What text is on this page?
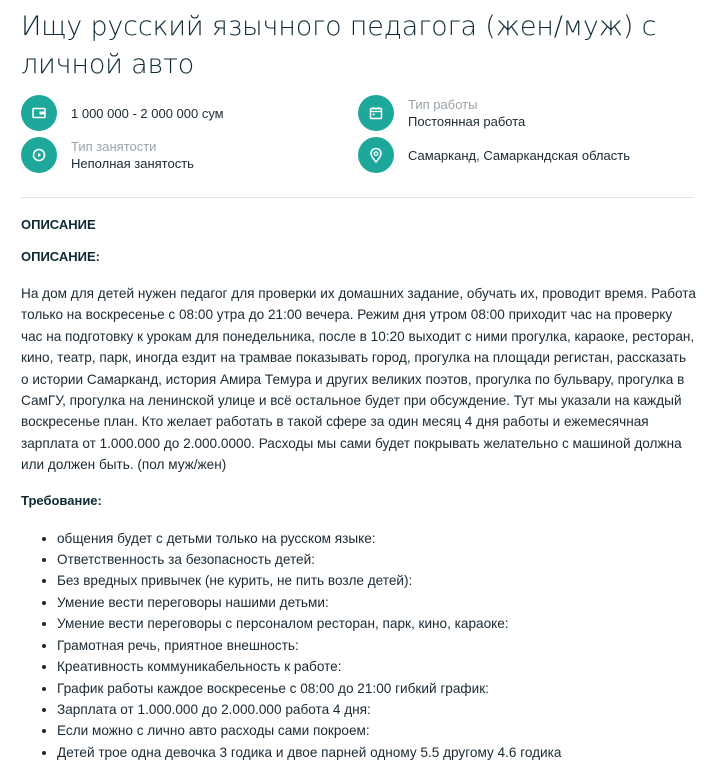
Ищу русский язычного педагога (жен/муж) с личной авто
1 000 000 - 2 000 000 сум
Тип работы
Постоянная работа
Тип занятости
Неполная занятость
Самарканд, Самаркандская область
ОПИСАНИЕ
ОПИСАНИЕ:

На дом для детей нужен педагог для проверки их домашних задание, обучать их, проводит время. Работа только на воскресенье с 08:00 утра до 21:00 вечера. Режим дня утром 08:00 приходит час на проверку час на подготовку к урокам для понедельника, после в 10:20 выходит с ними прогулка, караоке, ресторан, кино, театр, парк, иногда ездит на трамвае показывать город, прогулка на площади регистан, рассказать о истории Самарканд, история Амира Темура и других великих поэтов, прогулка по бульвару, прогулка в СамГУ, прогулка на ленинской улице и всё остальное будет при обсуждение. Тут мы указали на каждый воскресенье план. Кто желает работать в такой сфере за один месяц 4 дня работы и ежемесячная зарплата от 1.000.000 до 2.000.0000. Расходы мы сами будет покрывать желательно с машиной должна или должен быть. (пол муж/жен)

Требование:
• общения будет с детьми только на русском языке:
• Ответственность за безопасность детей:
• Без вредных привычек (не курить, не пить возле детей):
• Умение вести переговоры нашими детьми:
• Умение вести переговоры с персоналом ресторан, парк, кино, караоке:
• Грамотная речь, приятное внешность:
• Креативность коммуникабельность к работе:
• График работы каждое воскресенье с 08:00 до 21:00 гибкий график:
• Зарплата от 1.000.000 до 2.000.000 работа 4 дня:
• Если можно с лично авто расходы сами покроем:
• Детей трое одна девочка 3 годика и двое парней одному 5.5 другому 4.6 годика
